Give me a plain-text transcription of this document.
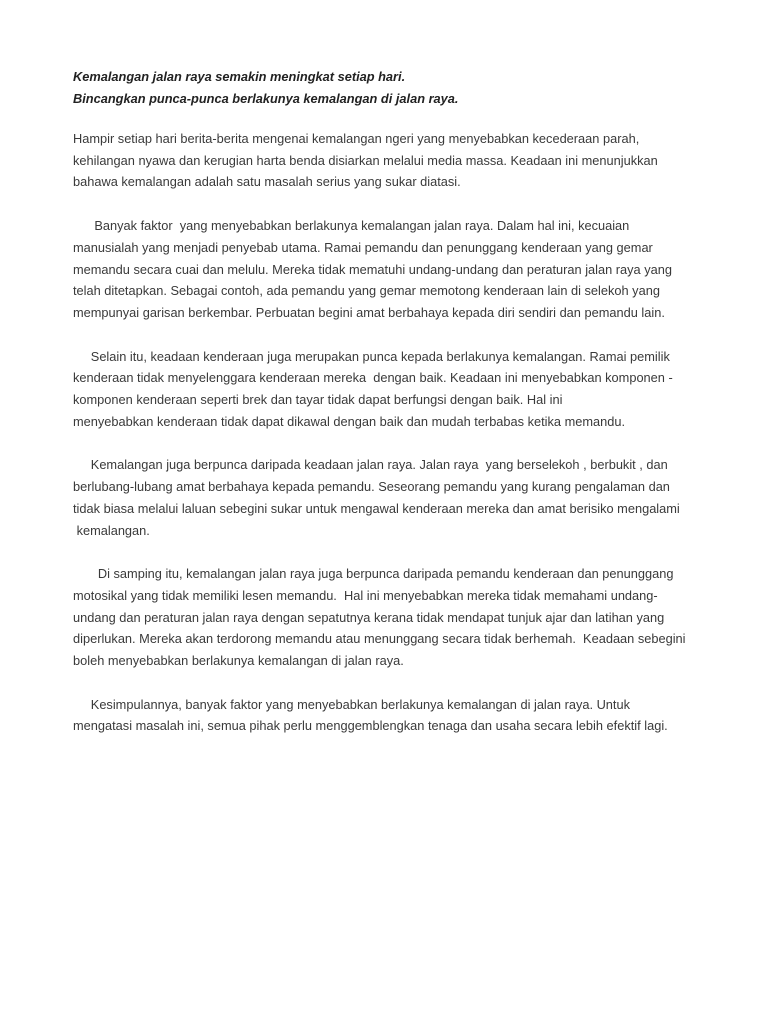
Kemalangan jalan raya semakin meningkat setiap hari.

Bincangkan punca-punca berlakunya kemalangan di jalan raya.

Hampir setiap hari berita-berita mengenai kemalangan ngeri yang menyebabkan kecederaan parah,
kehilangan nyawa dan kerugian harta benda disiarkan melalui media massa. Keadaan ini menunjukkan
bahawa kemalangan adalah satu masalah serius yang sukar diatasi.

Banyak faktor  yang menyebabkan berlakunya kemalangan jalan raya. Dalam hal ini, kecuaian
manusialah yang menjadi penyebab utama. Ramai pemandu dan penunggang kenderaan yang gemar
memandu secara cuai dan melulu. Mereka tidak mematuhi undang-undang dan peraturan jalan raya yang
telah ditetapkan. Sebagai contoh, ada pemandu yang gemar memotong kenderaan lain di selekoh yang
mempunyai garisan berkembar. Perbuatan begini amat berbahaya kepada diri sendiri dan pemandu lain.

Selain itu, keadaan kenderaan juga merupakan punca kepada berlakunya kemalangan. Ramai pemilik
kenderaan tidak menyelenggara kenderaan mereka  dengan baik. Keadaan ini menyebabkan komponen -
komponen kenderaan seperti brek dan tayar tidak dapat berfungsi dengan baik. Hal ini
menyebabkan kenderaan tidak dapat dikawal dengan baik dan mudah terbabas ketika memandu.

Kemalangan juga berpunca daripada keadaan jalan raya. Jalan raya  yang berselekoh , berbukit , dan
berlubang-lubang amat berbahaya kepada pemandu. Seseorang pemandu yang kurang pengalaman dan
tidak biasa melalui laluan sebegini sukar untuk mengawal kenderaan mereka dan amat berisiko mengalami
kemalangan.

Di samping itu, kemalangan jalan raya juga berpunca daripada pemandu kenderaan dan penunggang
motosikal yang tidak memiliki lesen memandu.  Hal ini menyebabkan mereka tidak memahami undang-
undang dan peraturan jalan raya dengan sepatutnya kerana tidak mendapat tunjuk ajar dan latihan yang
diperlukan. Mereka akan terdorong memandu atau menunggang secara tidak berhemah.  Keadaan sebegini
boleh menyebabkan berlakunya kemalangan di jalan raya.

Kesimpulannya, banyak faktor yang menyebabkan berlakunya kemalangan di jalan raya. Untuk
mengatasi masalah ini, semua pihak perlu menggemblengkan tenaga dan usaha secara lebih efektif lagi.
